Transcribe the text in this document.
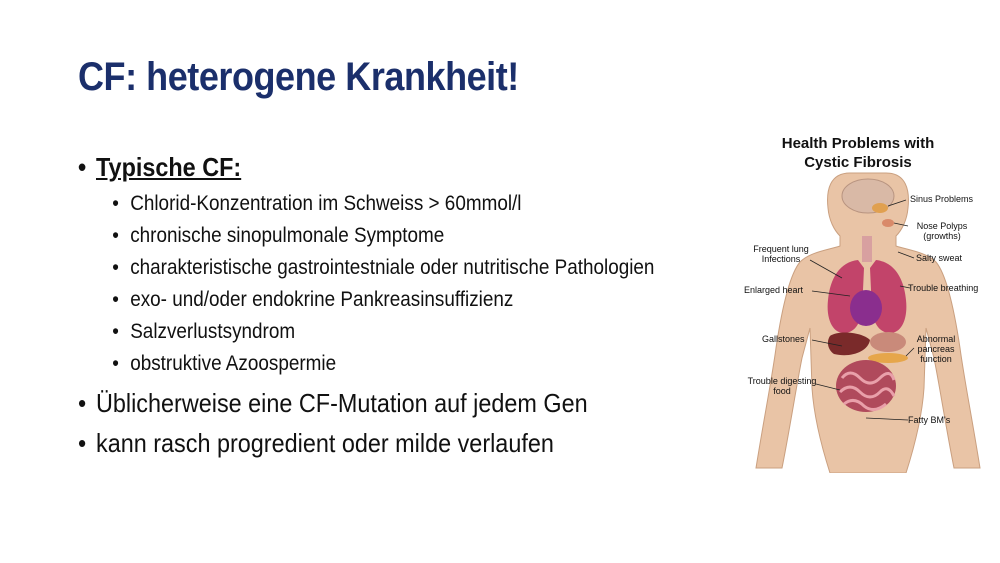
CF: heterogene Krankheit!
• Typische CF:
• Chlorid-Konzentration im Schweiss > 60mmol/l
• chronische sinopulmonale Symptome
• charakteristische gastrointestniale oder nutritische Pathologien
• exo- und/oder endokrine Pankreasinsuffizienz
• Salzverlustsyndrom
• obstruktive Azoospermie
• Üblicherweise eine CF-Mutation auf jedem Gen
• kann rasch progredient oder milde verlaufen
Health Problems with
Cystic Fibrosis
Sinus Problems
Nose Polyps
(growths)
Salty sweat
Trouble breathing
Abnormal
pancreas
function
Fatty BM's
Frequent lung
Infections
Enlarged heart
Gallstones
Trouble digesting
food
